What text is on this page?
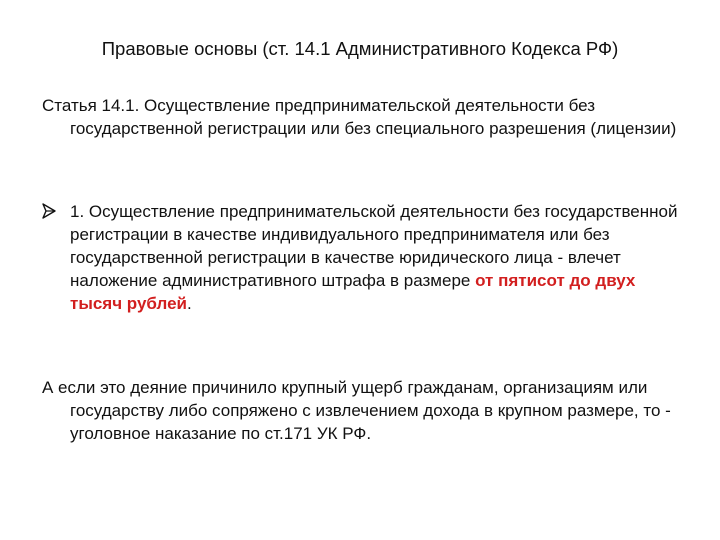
Правовые основы (ст. 14.1 Административного Кодекса РФ)
Статья 14.1. Осуществление предпринимательской деятельности без государственной регистрации или без специального разрешения (лицензии)
1. Осуществление предпринимательской деятельности без государственной регистрации в качестве индивидуального предпринимателя или без государственной регистрации в качестве юридического лица - влечет наложение административного штрафа в размере от пятисот до двух тысяч рублей.
А если это деяние причинило крупный ущерб гражданам, организациям или государству либо сопряжено с извлечением дохода в крупном размере, то - уголовное наказание по ст.171 УК РФ.
